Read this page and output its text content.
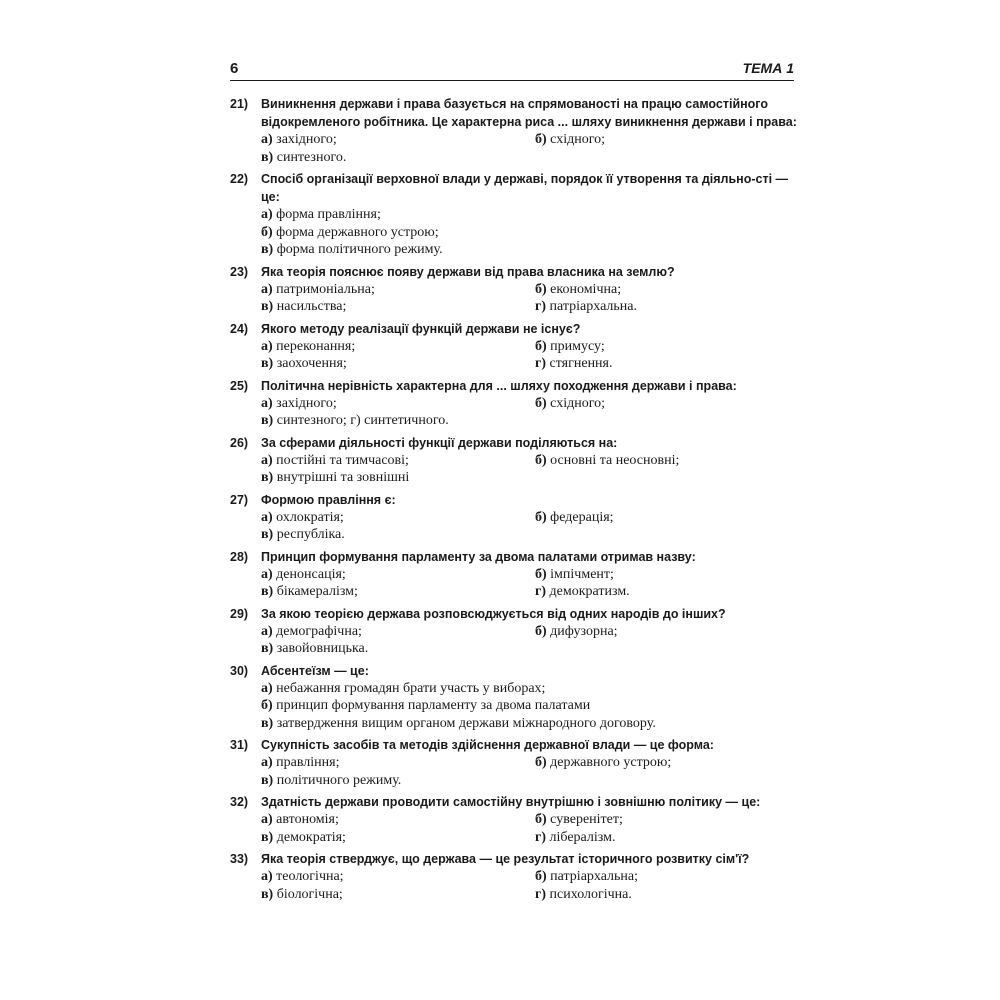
6	ТЕМА 1
21)	Виникнення держави і права базується на спрямованості на працю самостійного відокремленого робітника. Це характерна риса ... шляху виникнення держави і права:
а) західного;	б) східного;
в) синтезного.
22)	Спосіб організації верховної влади у державі, порядок її утворення та діяльно-сті — це:
а) форма правління;
б) форма державного устрою;
в) форма політичного режиму.
23)	Яка теорія пояснює появу держави від права власника на землю?
а) патримоніальна;	б) економічна;
в) насильства;	г) патріархальна.
24)	Якого методу реалізації функцій держави не існує?
а) переконання;	б) примусу;
в) заохочення;	г) стягнення.
25)	Політична нерівність характерна для ... шляху походження держави і права:
а) західного;	б) східного;
в) синтезного; г) синтетичного.
26)	За сферами діяльності функції держави поділяються на:
а) постійні та тимчасові;	б) основні та неосновні;
в) внутрішні та зовнішні
27)	Формою правління є:
а) охлократія;	б) федерація;
в) республіка.
28)	Принцип формування парламенту за двома палатами отримав назву:
а) денонсація;	б) імпічмент;
в) бікамералізм;	г) демократизм.
29)	За якою теорією держава розповсюджується від одних народів до інших?
а) демографічна;	б) дифузорна;
в) завойовницька.
30)	Абсентеїзм — це:
а) небажання громадян брати участь у виборах;
б) принцип формування парламенту за двома палатами
в) затвердження вищим органом держави міжнародного договору.
31)	Сукупність засобів та методів здійснення державної влади — це форма:
а) правління;	б) державного устрою;
в) політичного режиму.
32)	Здатність держави проводити самостійну внутрішню і зовнішню політику — це:
а) автономія;	б) суверенітет;
в) демократія;	г) лібералізм.
33)	Яка теорія стверджує, що держава — це результат історичного розвитку сім'ї?
а) теологічна;	б) патріархальна;
в) біологічна;	г) психологічна.
